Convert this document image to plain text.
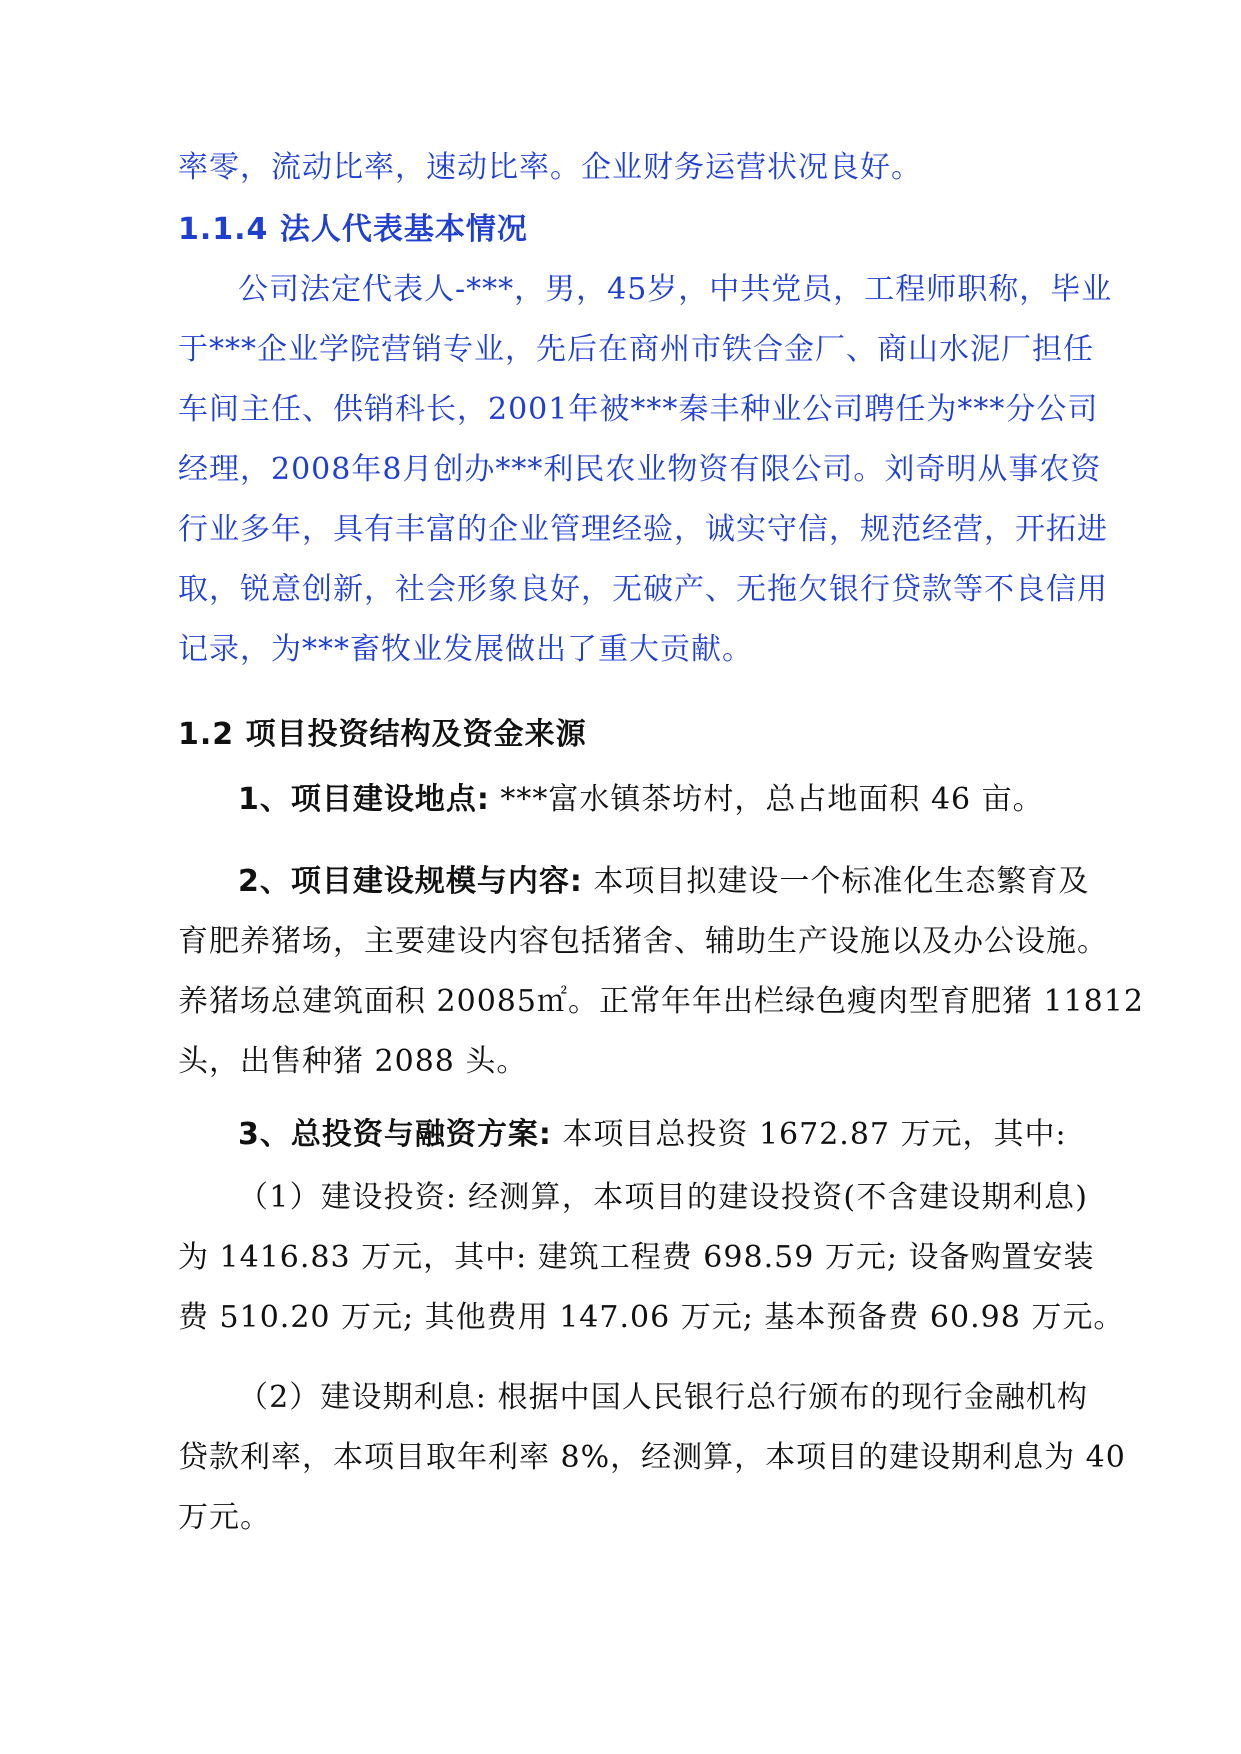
率零，流动比率，速动比率。企业财务运营状况良好。
1.1.4 法人代表基本情况
公司法定代表人-***，男，45岁，中共党员，工程师职称，毕业
于***企业学院营销专业，先后在商州市铁合金厂、商山水泥厂担任
车间主任、供销科长，2001年被***秦丰种业公司聘任为***分公司
经理，2008年8月创办***利民农业物资有限公司。刘奇明从事农资
行业多年，具有丰富的企业管理经验，诚实守信，规范经营，开拓进
取，锐意创新，社会形象良好，无破产、无拖欠银行贷款等不良信用
记录，为***畜牧业发展做出了重大贡献。
1.2 项目投资结构及资金来源
1、项目建设地点: ***富水镇茶坊村，总占地面积 46 亩。
2、项目建设规模与内容: 本项目拟建设一个标准化生态繁育及
育肥养猪场，主要建设内容包括猪舍、辅助生产设施以及办公设施。
养猪场总建筑面积 20085㎡。正常年年出栏绿色瘦肉型育肥猪 11812
头，出售种猪 2088 头。
3、总投资与融资方案: 本项目总投资 1672.87 万元，其中:
（1）建设投资: 经测算，本项目的建设投资(不含建设期利息)
为 1416.83 万元，其中: 建筑工程费 698.59 万元; 设备购置安装
费 510.20 万元; 其他费用 147.06 万元; 基本预备费 60.98 万元。
（2）建设期利息: 根据中国人民银行总行颁布的现行金融机构
贷款利率，本项目取年利率 8%，经测算，本项目的建设期利息为 40
万元。
